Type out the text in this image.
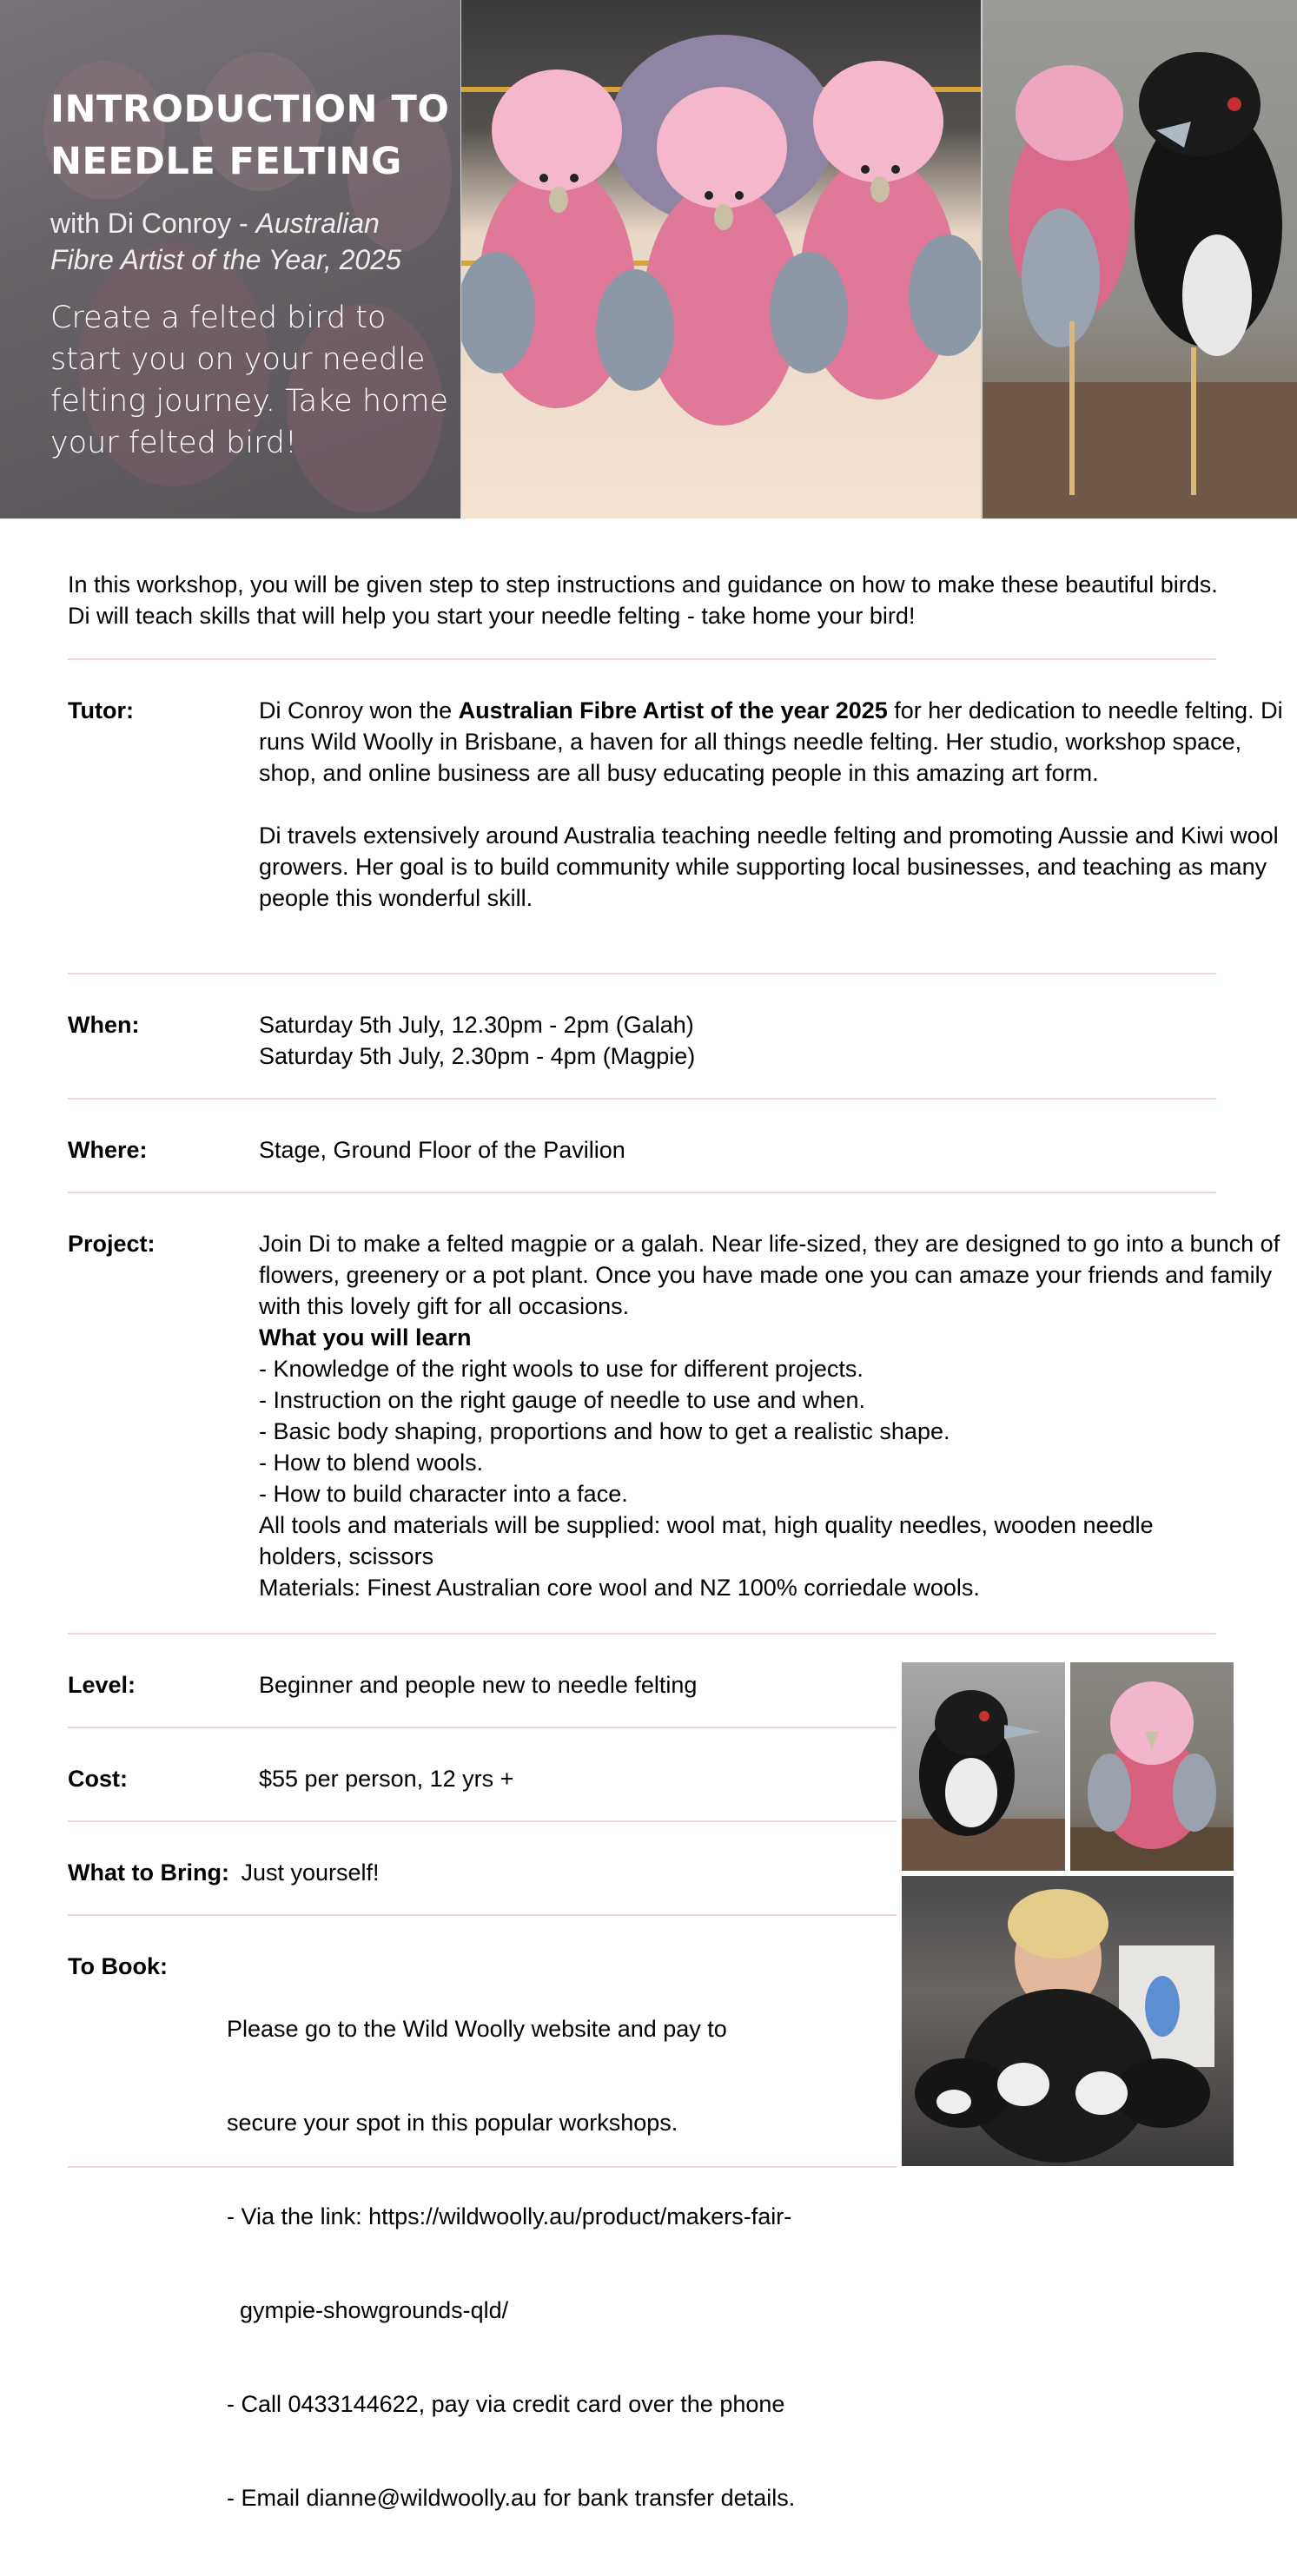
INTRODUCTION TO NEEDLE FELTING
with Di Conroy - Australian Fibre Artist of the Year, 2025
Create a felted bird to start you on your needle felting journey. Take home your felted bird!
In this workshop, you will be given step to step instructions and guidance on how to make these beautiful birds. Di will teach skills that will help you start your needle felting - take home your bird!
Tutor:	Di Conroy won the Australian Fibre Artist of the year 2025 for her dedication to needle felting. Di runs Wild Woolly in Brisbane, a haven for all things needle felting. Her studio, workshop space, shop, and online business are all busy educating people in this amazing art form.

Di travels extensively around Australia teaching needle felting and promoting Aussie and Kiwi wool growers. Her goal is to build community while supporting local businesses, and teaching as many people this wonderful skill.

When:	Saturday 5th July, 12.30pm - 2pm (Galah)

Saturday 5th July, 2.30pm - 4pm (Magpie)

Where:	Stage, Ground Floor of the Pavilion
Project:	Join Di to make a felted magpie or a galah. Near life-sized, they are designed to go into a bunch of flowers, greenery or a pot plant. Once you have made one you can amaze your friends and family with this lovely gift for all occasions.

What you will learn

- Knowledge of the right wools to use for different projects.

- Instruction on the right gauge of needle to use and when.

- Basic body shaping, proportions and how to get a realistic shape.

- How to blend wools.

- How to build character into a face.

All tools and materials will be supplied: wool mat, high quality needles, wooden needle holders, scissors

Materials: Finest Australian core wool and NZ 100% corriedale wools.

Level:	Beginner and people new to needle felting
Cost:	$55 per person, 12 yrs +
What to Bring: Just yourself!
To Book:

Please go to the Wild Woolly website and pay to

secure your spot in this popular workshops.

- Via the link: https://wildwoolly.au/product/makers-fair-

gympie-showgrounds-qld/

- Call 0433144622, pay via credit card over the phone

- Email dianne@wildwoolly.au for bank transfer details.
